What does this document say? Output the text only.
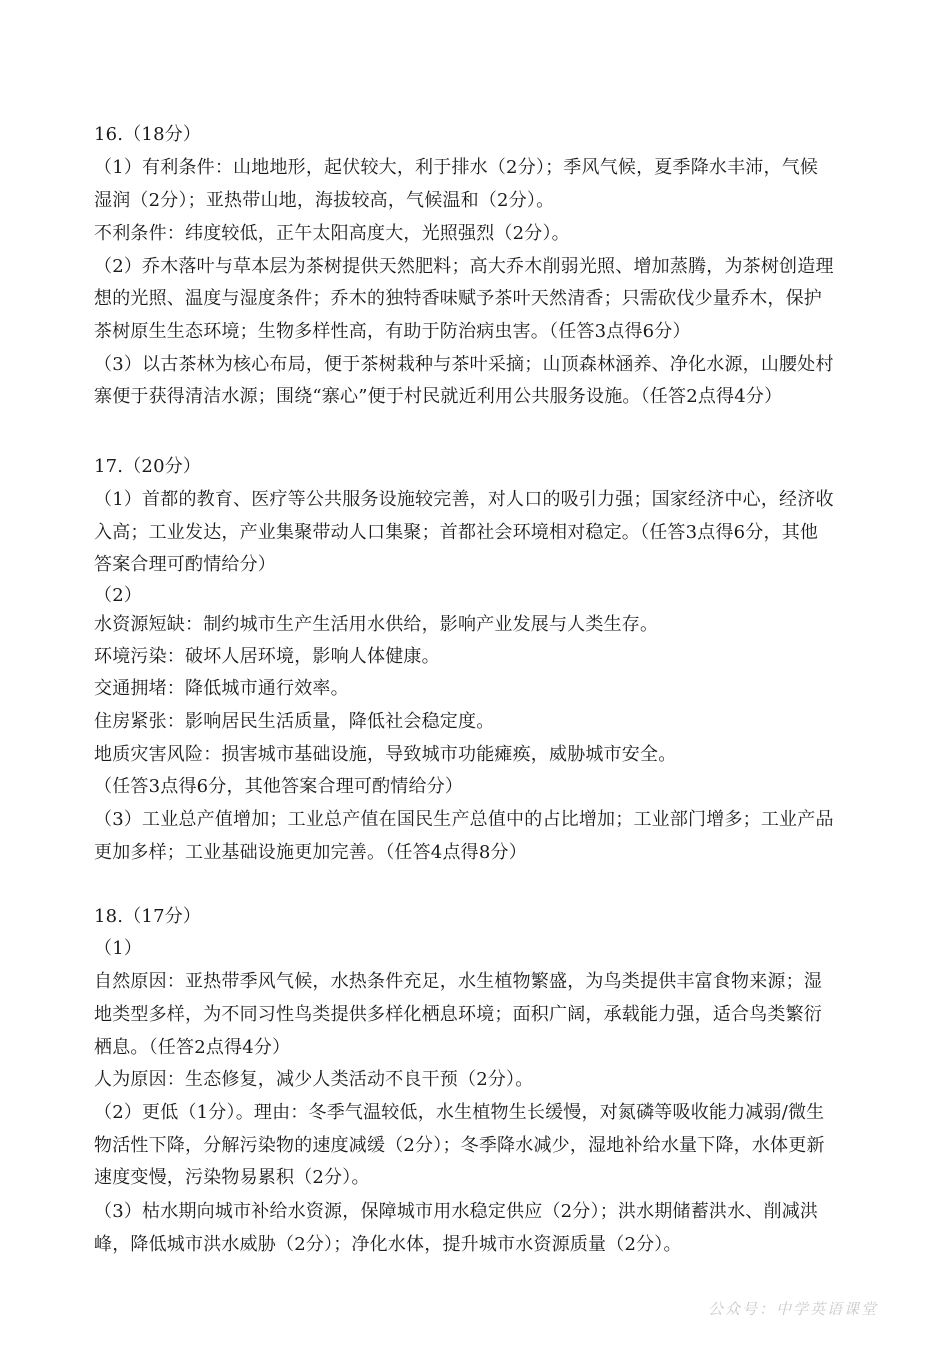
16.（18分）
（1）有利条件：山地地形，起伏较大，利于排水（2分）；季风气候，夏季降水丰沛，气候
湿润（2分）；亚热带山地，海拔较高，气候温和（2分）。
不利条件：纬度较低，正午太阳高度大，光照强烈（2分）。
（2）乔木落叶与草本层为茶树提供天然肥料；高大乔木削弱光照、增加蒸腾，为茶树创造理
想的光照、温度与湿度条件；乔木的独特香味赋予茶叶天然清香；只需砍伐少量乔木，保护
茶树原生生态环境；生物多样性高，有助于防治病虫害。（任答3点得6分）
（3）以古茶林为核心布局，便于茶树栽种与茶叶采摘；山顶森林涵养、净化水源，山腰处村
寨便于获得清洁水源；围绕“寨心”便于村民就近利用公共服务设施。（任答2点得4分）
17.（20分）
（1）首都的教育、医疗等公共服务设施较完善，对人口的吸引力强；国家经济中心，经济收
入高；工业发达，产业集聚带动人口集聚；首都社会环境相对稳定。（任答3点得6分，其他
答案合理可酌情给分）
（2）
水资源短缺：制约城市生产生活用水供给，影响产业发展与人类生存。
环境污染：破坏人居环境，影响人体健康。
交通拥堵：降低城市通行效率。
住房紧张：影响居民生活质量，降低社会稳定度。
地质灾害风险：损害城市基础设施，导致城市功能瘫痪，威胁城市安全。
（任答3点得6分，其他答案合理可酌情给分）
（3）工业总产值增加；工业总产值在国民生产总值中的占比增加；工业部门增多；工业产品
更加多样；工业基础设施更加完善。（任答4点得8分）
18.（17分）
（1）
自然原因：亚热带季风气候，水热条件充足，水生植物繁盛，为鸟类提供丰富食物来源；湿
地类型多样，为不同习性鸟类提供多样化栖息环境；面积广阔，承载能力强，适合鸟类繁衍
栖息。（任答2点得4分）
人为原因：生态修复，减少人类活动不良干预（2分）。
（2）更低（1分）。理由：冬季气温较低，水生植物生长缓慢，对氮磷等吸收能力减弱/微生
物活性下降，分解污染物的速度减缓（2分）；冬季降水减少，湿地补给水量下降，水体更新
速度变慢，污染物易累积（2分）。
（3）枯水期向城市补给水资源，保障城市用水稳定供应（2分）；洪水期储蓄洪水、削减洪
峰，降低城市洪水威胁（2分）；净化水体，提升城市水资源质量（2分）。
公众号：中学英语课堂
